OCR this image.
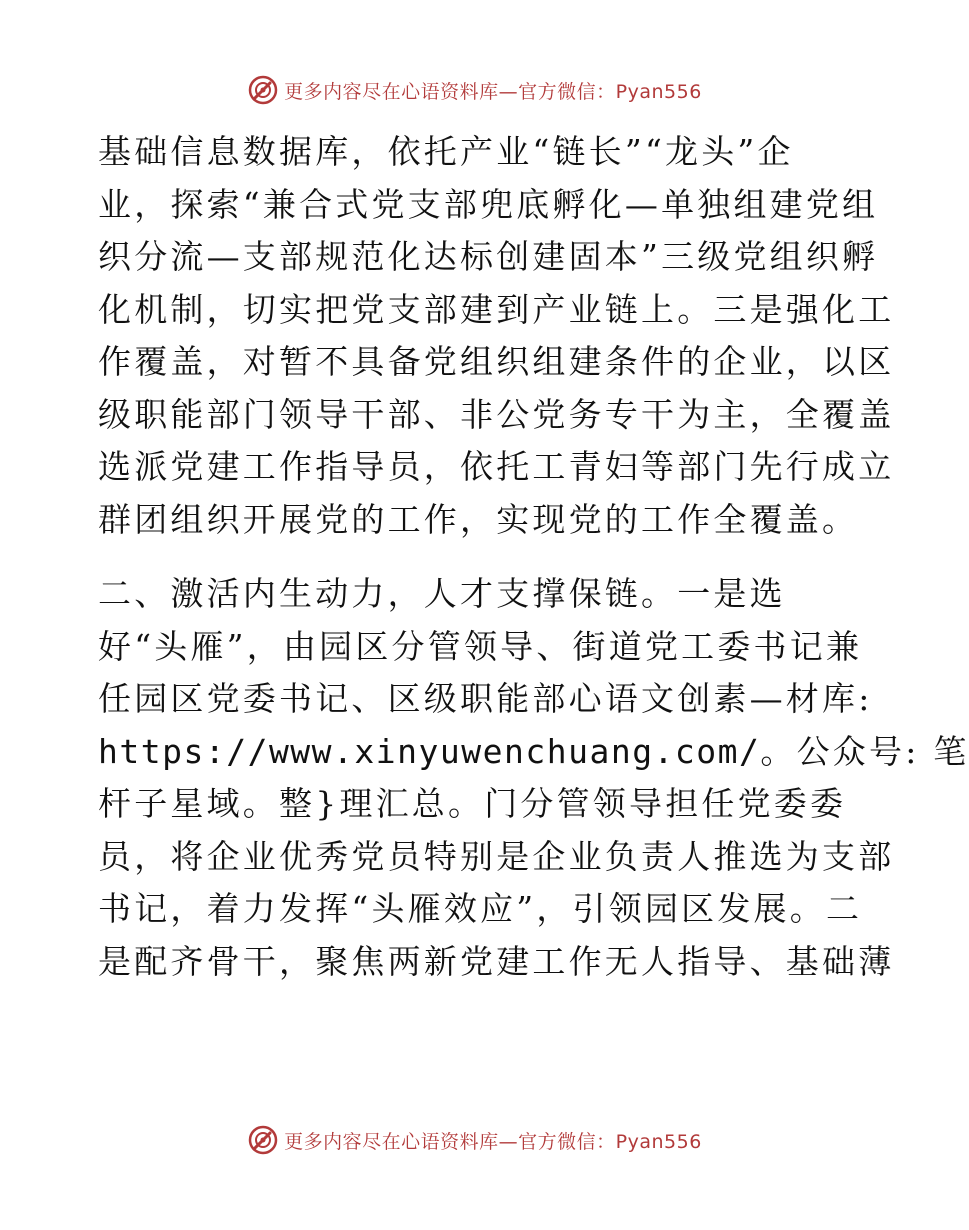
更多内容尽在心语资料库—官方微信：Pyan556
基础信息数据库，依托产业“链长”“龙头”企
业，探索“兼合式党支部兜底孵化—单独组建党组
织分流—支部规范化达标创建固本”三级党组织孵
化机制，切实把党支部建到产业链上。三是强化工
作覆盖，对暂不具备党组织组建条件的企业，以区
级职能部门领导干部、非公党务专干为主，全覆盖
选派党建工作指导员，依托工青妇等部门先行成立
群团组织开展党的工作，实现党的工作全覆盖。
二、激活内生动力，人才支撑保链。一是选
好“头雁”，由园区分管领导、街道党工委书记兼
任园区党委书记、区级职能部心语文创素—材库:
https://www.xinyuwenchuang.com/。公众号: 笔
杆子星域。整}理汇总。门分管领导担任党委委
员，将企业优秀党员特别是企业负责人推选为支部
书记，着力发挥“头雁效应”，引领园区发展。二
是配齐骨干，聚焦两新党建工作无人指导、基础薄
更多内容尽在心语资料库—官方微信：Pyan556
